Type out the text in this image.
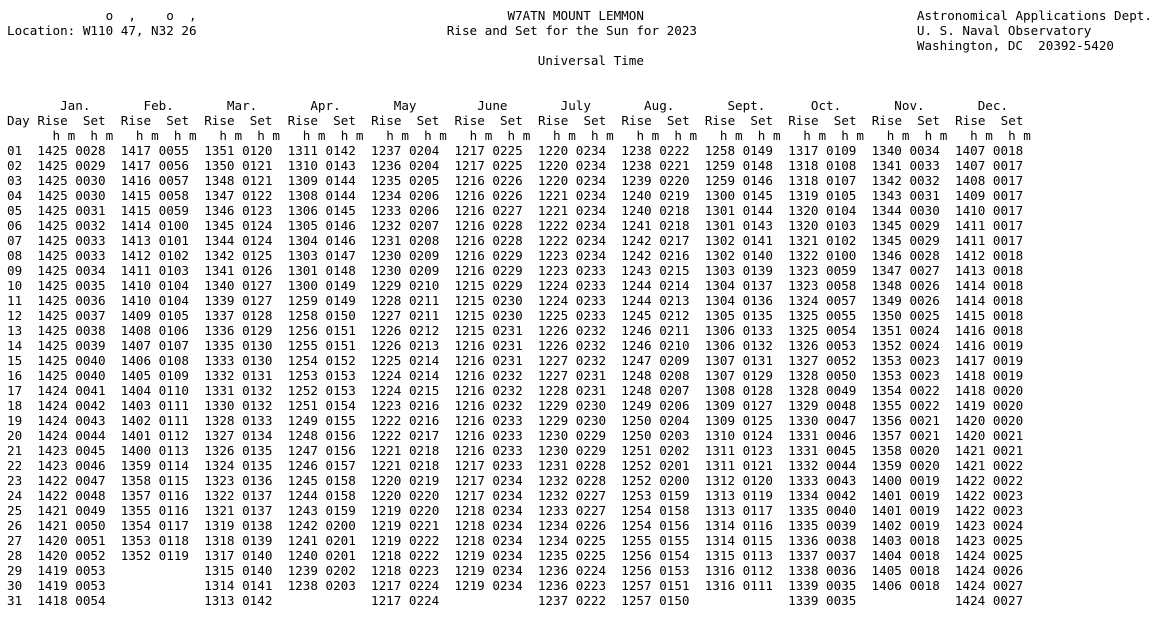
o  ,    o  ,	W7ATN MOUNT LEMMON	Astronomical Applications Dept.
Location: W110 47, N32 26	Rise and Set for the Sun for 2023	U. S. Naval Observatory
Washington, DC  20392-5420
Universal Time

Jan.	Feb.	Mar.	Apr.	May	June	July	Aug.	Sept.	Oct.	Nov.	Dec.
Day Rise Set Rise Set Rise Set Rise Set Rise Set Rise Set Rise Set Rise Set Rise Set Rise Set Rise Set Rise Set
h m h m h m h m h m h m h m h m h m h m h m h m h m h m h m h m h m h m h m h m h m h m h m h m
01 1425 0028 1417 0055 1351 0120 1311 0142 1237 0204 1217 0225 1220 0234 1238 0222 1258 0149 1317 0109 1340 0034 1407 0018
02 1425 0029 1417 0056 1350 0121 1310 0143 1236 0204 1217 0225 1220 0234 1238 0221 1259 0148 1318 0108 1341 0033 1407 0017
03 1425 0030 1416 0057 1348 0121 1309 0144 1235 0205 1216 0226 1220 0234 1239 0220 1259 0146 1318 0107 1342 0032 1408 0017
04 1425 0030 1415 0058 1347 0122 1308 0144 1234 0206 1216 0226 1221 0234 1240 0219 1300 0145 1319 0105 1343 0031 1409 0017
05 1425 0031 1415 0059 1346 0123 1306 0145 1233 0206 1216 0227 1221 0234 1240 0218 1301 0144 1320 0104 1344 0030 1410 0017
06 1425 0032 1414 0100 1345 0124 1305 0146 1232 0207 1216 0228 1222 0234 1241 0218 1301 0143 1320 0103 1345 0029 1411 0017
07 1425 0033 1413 0101 1344 0124 1304 0146 1231 0208 1216 0228 1222 0234 1242 0217 1302 0141 1321 0102 1345 0029 1411 0017
08 1425 0033 1412 0102 1342 0125 1303 0147 1230 0209 1216 0229 1223 0234 1242 0216 1302 0140 1322 0100 1346 0028 1412 0018
09 1425 0034 1411 0103 1341 0126 1301 0148 1230 0209 1216 0229 1223 0233 1243 0215 1303 0139 1323 0059 1347 0027 1413 0018
10 1425 0035 1410 0104 1340 0127 1300 0149 1229 0210 1215 0229 1224 0233 1244 0214 1304 0137 1323 0058 1348 0026 1414 0018
11 1425 0036 1410 0104 1339 0127 1259 0149 1228 0211 1215 0230 1224 0233 1244 0213 1304 0136 1324 0057 1349 0026 1414 0018
12 1425 0037 1409 0105 1337 0128 1258 0150 1227 0211 1215 0230 1225 0233 1245 0212 1305 0135 1325 0055 1350 0025 1415 0018
13 1425 0038 1408 0106 1336 0129 1256 0151 1226 0212 1215 0231 1226 0232 1246 0211 1306 0133 1325 0054 1351 0024 1416 0018
14 1425 0039 1407 0107 1335 0130 1255 0151 1226 0213 1216 0231 1226 0232 1246 0210 1306 0132 1326 0053 1352 0024 1416 0019
15 1425 0040 1406 0108 1333 0130 1254 0152 1225 0214 1216 0231 1227 0232 1247 0209 1307 0131 1327 0052 1353 0023 1417 0019
16 1425 0040 1405 0109 1332 0131 1253 0153 1224 0214 1216 0232 1227 0231 1248 0208 1307 0129 1328 0050 1353 0023 1418 0019
17 1424 0041 1404 0110 1331 0132 1252 0153 1224 0215 1216 0232 1228 0231 1248 0207 1308 0128 1328 0049 1354 0022 1418 0020
18 1424 0042 1403 0111 1330 0132 1251 0154 1223 0216 1216 0232 1229 0230 1249 0206 1309 0127 1329 0048 1355 0022 1419 0020
19 1424 0043 1402 0111 1328 0133 1249 0155 1222 0216 1216 0233 1229 0230 1250 0204 1309 0125 1330 0047 1356 0021 1420 0020
20 1424 0044 1401 0112 1327 0134 1248 0156 1222 0217 1216 0233 1230 0229 1250 0203 1310 0124 1331 0046 1357 0021 1420 0021
21 1423 0045 1400 0113 1326 0135 1247 0156 1221 0218 1216 0233 1230 0229 1251 0202 1311 0123 1331 0045 1358 0020 1421 0021
22 1423 0046 1359 0114 1324 0135 1246 0157 1221 0218 1217 0233 1231 0228 1252 0201 1311 0121 1332 0044 1359 0020 1421 0022
23 1422 0047 1358 0115 1323 0136 1245 0158 1220 0219 1217 0234 1232 0228 1252 0200 1312 0120 1333 0043 1400 0019 1422 0022
24 1422 0048 1357 0116 1322 0137 1244 0158 1220 0220 1217 0234 1232 0227 1253 0159 1313 0119 1334 0042 1401 0019 1422 0023
25 1421 0049 1355 0116 1321 0137 1243 0159 1219 0220 1218 0234 1233 0227 1254 0158 1313 0117 1335 0040 1401 0019 1422 0023
26 1421 0050 1354 0117 1319 0138 1242 0200 1219 0221 1218 0234 1234 0226 1254 0156 1314 0116 1335 0039 1402 0019 1423 0024
27 1420 0051 1353 0118 1318 0139 1241 0201 1219 0222 1218 0234 1234 0225 1255 0155 1314 0115 1336 0038 1403 0018 1423 0025
28 1420 0052 1352 0119 1317 0140 1240 0201 1218 0222 1219 0234 1235 0225 1256 0154 1315 0113 1337 0037 1404 0018 1424 0025
29 1419 0053	1315 0140 1239 0202 1218 0223 1219 0234 1236 0224 1256 0153 1316 0112 1338 0036 1405 0018 1424 0026
30 1419 0053	1314 0141 1238 0203 1217 0224 1219 0234 1236 0223 1257 0151 1316 0111 1339 0035 1406 0018 1424 0027
31 1418 0054	1313 0142	1217 0224	1237 0222 1257 0150	1339 0035	1424 0027
